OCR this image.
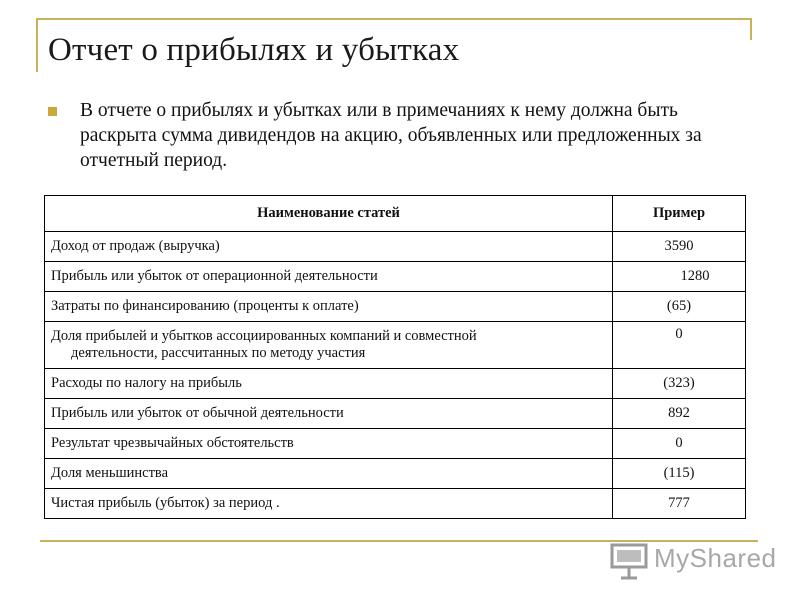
Отчет о прибылях и убытках
В отчете о прибылях и убытках или в примечаниях к нему должна быть раскрыта сумма дивидендов на акцию, объявленных или предложенных за отчетный период.
Наименование статей	Пример
Доход от продаж (выручка)	3590
Прибыль или убыток от операционной деятельности	1280
Затраты по финансированию (проценты к оплате)	(65)
Доля прибылей и убытков ассоциированных компаний и совместной
деятельности, рассчитанных по методу участия	0
Расходы по налогу на прибыль	(323)
Прибыль или убыток от обычной деятельности	892
Результат чрезвычайных обстоятельств	0
Доля меньшинства	(115)
Чистая прибыль (убыток) за период .	777
MyShared
